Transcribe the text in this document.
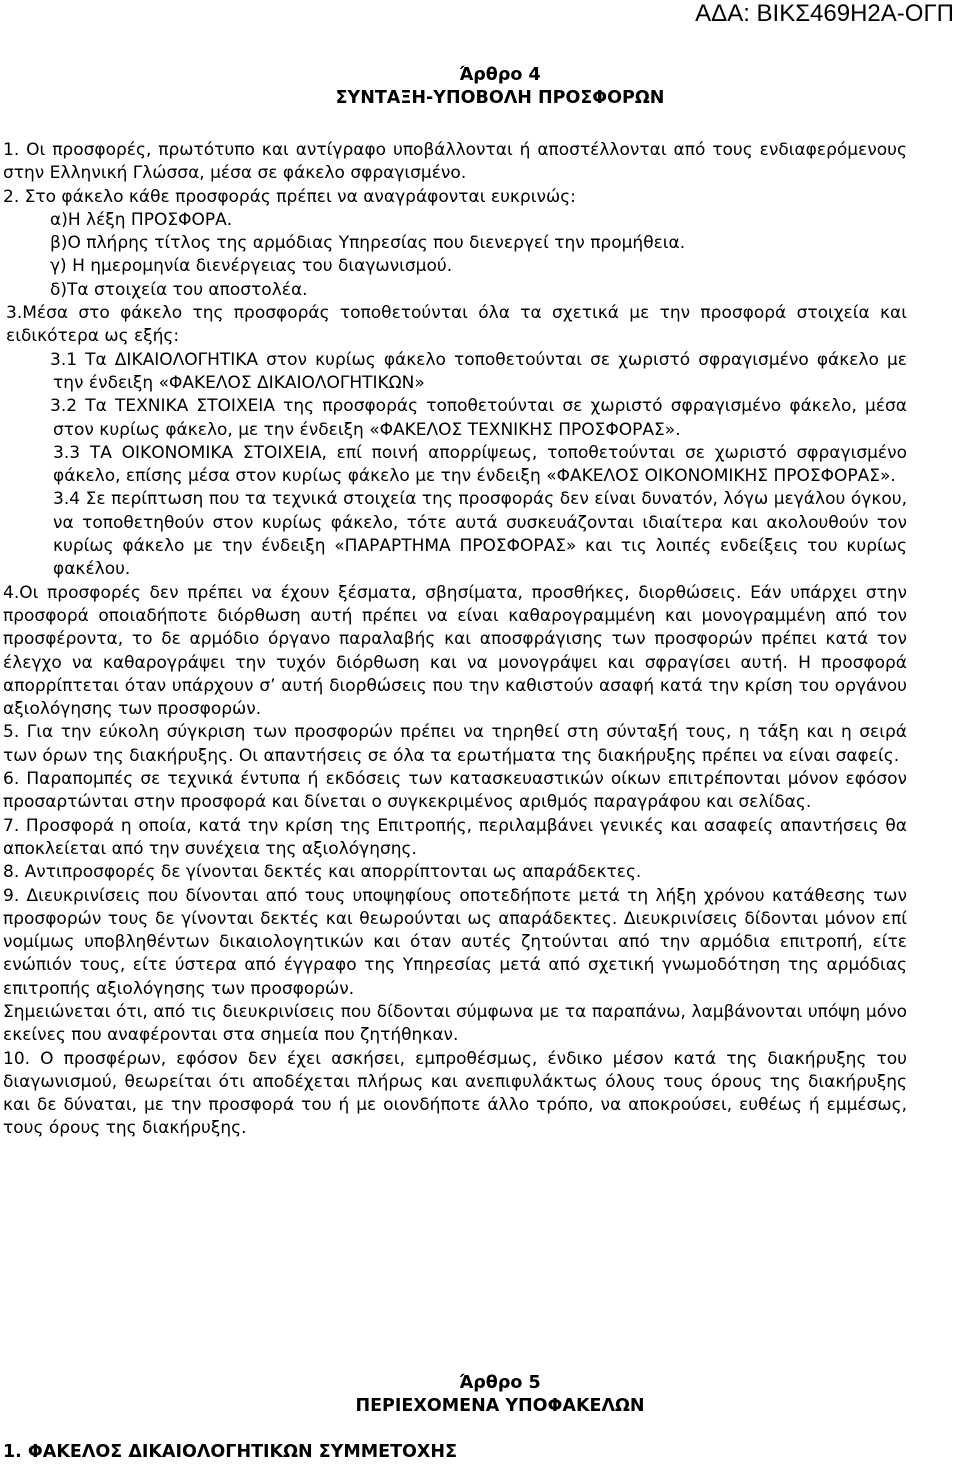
ΑΔΑ: ΒΙΚΣ469Η2Α-ΟΓΠ

Άρθρο 4

ΣΥΝΤΑΞΗ-ΥΠΟΒΟΛΗ ΠΡΟΣΦΟΡΩΝ

1. Οι προσφορές, πρωτότυπο και αντίγραφο υποβάλλονται ή αποστέλλονται από τους ενδιαφερόμενους στην Ελληνική Γλώσσα, μέσα σε φάκελο σφραγισμένο.

2. Στο φάκελο κάθε προσφοράς πρέπει να αναγράφονται ευκρινώς:

α)Η λέξη ΠΡΟΣΦΟΡΑ.

β)Ο πλήρης τίτλος της αρμόδιας Υπηρεσίας που διενεργεί την προμήθεια.

γ) Η ημερομηνία διενέργειας του διαγωνισμού.

δ)Τα στοιχεία του αποστολέα.

3.Μέσα στο φάκελο της προσφοράς τοποθετούνται όλα τα σχετικά με την προσφορά στοιχεία και ειδικότερα ως εξής:

3.1 Τα ΔΙΚΑΙΟΛΟΓΗΤΙΚΑ στον κυρίως φάκελο τοποθετούνται σε χωριστό σφραγισμένο φάκελο με την ένδειξη «ΦΑΚΕΛΟΣ ΔΙΚΑΙΟΛΟΓΗΤΙΚΩΝ»

3.2 Τα ΤΕΧΝΙΚΑ ΣΤΟΙΧΕΙΑ της προσφοράς τοποθετούνται σε χωριστό σφραγισμένο φάκελο, μέσα στον κυρίως φάκελο, με την ένδειξη «ΦΑΚΕΛΟΣ ΤΕΧΝΙΚΗΣ ΠΡΟΣΦΟΡΑΣ».

3.3 ΤΑ ΟΙΚΟΝΟΜΙΚΑ ΣΤΟΙΧΕΙΑ, επί ποινή απορρίψεως, τοποθετούνται σε χωριστό σφραγισμένο φάκελο, επίσης μέσα στον κυρίως φάκελο με την ένδειξη «ΦΑΚΕΛΟΣ ΟΙΚΟΝΟΜΙΚΗΣ ΠΡΟΣΦΟΡΑΣ».

3.4 Σε περίπτωση που τα τεχνικά στοιχεία της προσφοράς δεν είναι δυνατόν, λόγω μεγάλου όγκου, να τοποθετηθούν στον κυρίως φάκελο, τότε αυτά συσκευάζονται ιδιαίτερα και ακολουθούν τον κυρίως φάκελο με την ένδειξη «ΠΑΡΑΡΤΗΜΑ ΠΡΟΣΦΟΡΑΣ» και τις λοιπές ενδείξεις του κυρίως φακέλου.

4.Οι προσφορές δεν πρέπει να έχουν ξέσματα, σβησίματα, προσθήκες, διορθώσεις. Εάν υπάρχει στην προσφορά οποιαδήποτε διόρθωση αυτή πρέπει να είναι καθαρογραμμένη και μονογραμμένη από τον προσφέροντα, το δε αρμόδιο όργανο παραλαβής και αποσφράγισης των προσφορών πρέπει κατά τον έλεγχο να καθαρογράψει την τυχόν διόρθωση και να μονογράψει και σφραγίσει αυτή. Η προσφορά απορρίπτεται όταν υπάρχουν σ’ αυτή διορθώσεις που την καθιστούν ασαφή κατά την κρίση του οργάνου αξιολόγησης των προσφορών.

5. Για την εύκολη σύγκριση των προσφορών πρέπει να τηρηθεί στη σύνταξή τους, η τάξη και η σειρά των όρων της διακήρυξης. Οι απαντήσεις σε όλα τα ερωτήματα της διακήρυξης πρέπει να είναι σαφείς.

6. Παραπομπές σε τεχνικά έντυπα ή εκδόσεις των κατασκευαστικών οίκων επιτρέπονται μόνον εφόσον προσαρτώνται στην προσφορά και δίνεται ο συγκεκριμένος αριθμός παραγράφου και σελίδας.

7. Προσφορά η οποία, κατά την κρίση της Επιτροπής, περιλαμβάνει γενικές και ασαφείς απαντήσεις θα αποκλείεται από την συνέχεια της αξιολόγησης.

8. Αντιπροσφορές δε γίνονται δεκτές και απορρίπτονται ως απαράδεκτες.

9. Διευκρινίσεις που δίνονται από τους υποψηφίους οποτεδήποτε μετά τη λήξη χρόνου κατάθεσης των προσφορών τους δε γίνονται δεκτές και θεωρούνται ως απαράδεκτες. Διευκρινίσεις δίδονται μόνον επί νομίμως υποβληθέντων δικαιολογητικών και όταν αυτές ζητούνται από την αρμόδια επιτροπή, είτε ενώπιόν τους, είτε ύστερα από έγγραφο της Υπηρεσίας μετά από σχετική γνωμοδότηση της αρμόδιας επιτροπής αξιολόγησης των προσφορών.

Σημειώνεται ότι, από τις διευκρινίσεις που δίδονται σύμφωνα με τα παραπάνω, λαμβάνονται υπόψη μόνο εκείνες που αναφέρονται στα σημεία που ζητήθηκαν.

10. Ο προσφέρων, εφόσον δεν έχει ασκήσει, εμπροθέσμως, ένδικο μέσον κατά της διακήρυξης του διαγωνισμού, θεωρείται ότι αποδέχεται πλήρως και ανεπιφυλάκτως όλους τους όρους της διακήρυξης και δε δύναται, με την προσφορά του ή με οιονδήποτε άλλο τρόπο, να αποκρούσει, ευθέως ή εμμέσως, τους όρους της διακήρυξης.

Άρθρο 5

ΠΕΡΙΕΧΟΜΕΝΑ ΥΠΟΦΑΚΕΛΩΝ

1. ΦΑΚΕΛΟΣ ΔΙΚΑΙΟΛΟΓΗΤΙΚΩΝ ΣΥΜΜΕΤΟΧΗΣ
